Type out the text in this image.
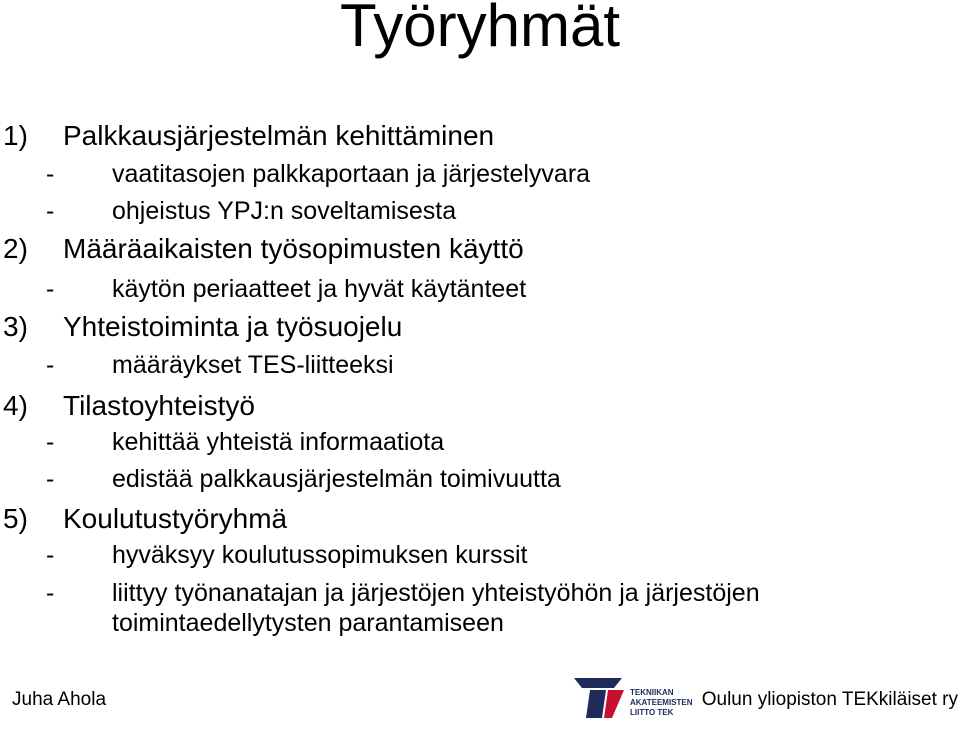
Työryhmät
1) Palkkausjärjestelmän kehittäminen
- vaatitasojen palkkaportaan ja järjestelyvara
- ohjeistus YPJ:n soveltamisesta
2) Määräaikaisten työsopimusten käyttö
- käytön periaatteet ja hyvät käytänteet
3) Yhteistoiminta ja työsuojelu
- määräykset TES-liitteeksi
4) Tilastoyhteistyö
- kehittää yhteistä informaatiota
- edistää palkkausjärjestelmän toimivuutta
5) Koulutustyöryhmä
- hyväksyy koulutussopimuksen kurssit
- liittyy työnanatajan ja järjestöjen yhteistyöhön ja järjestöjen
toimintaedellytysten parantamiseen
Juha Ahola	TEKNIIKAN
AKATEEMISTEN
LIITTO TEK
Oulun yliopiston TEKkiläiset ry
